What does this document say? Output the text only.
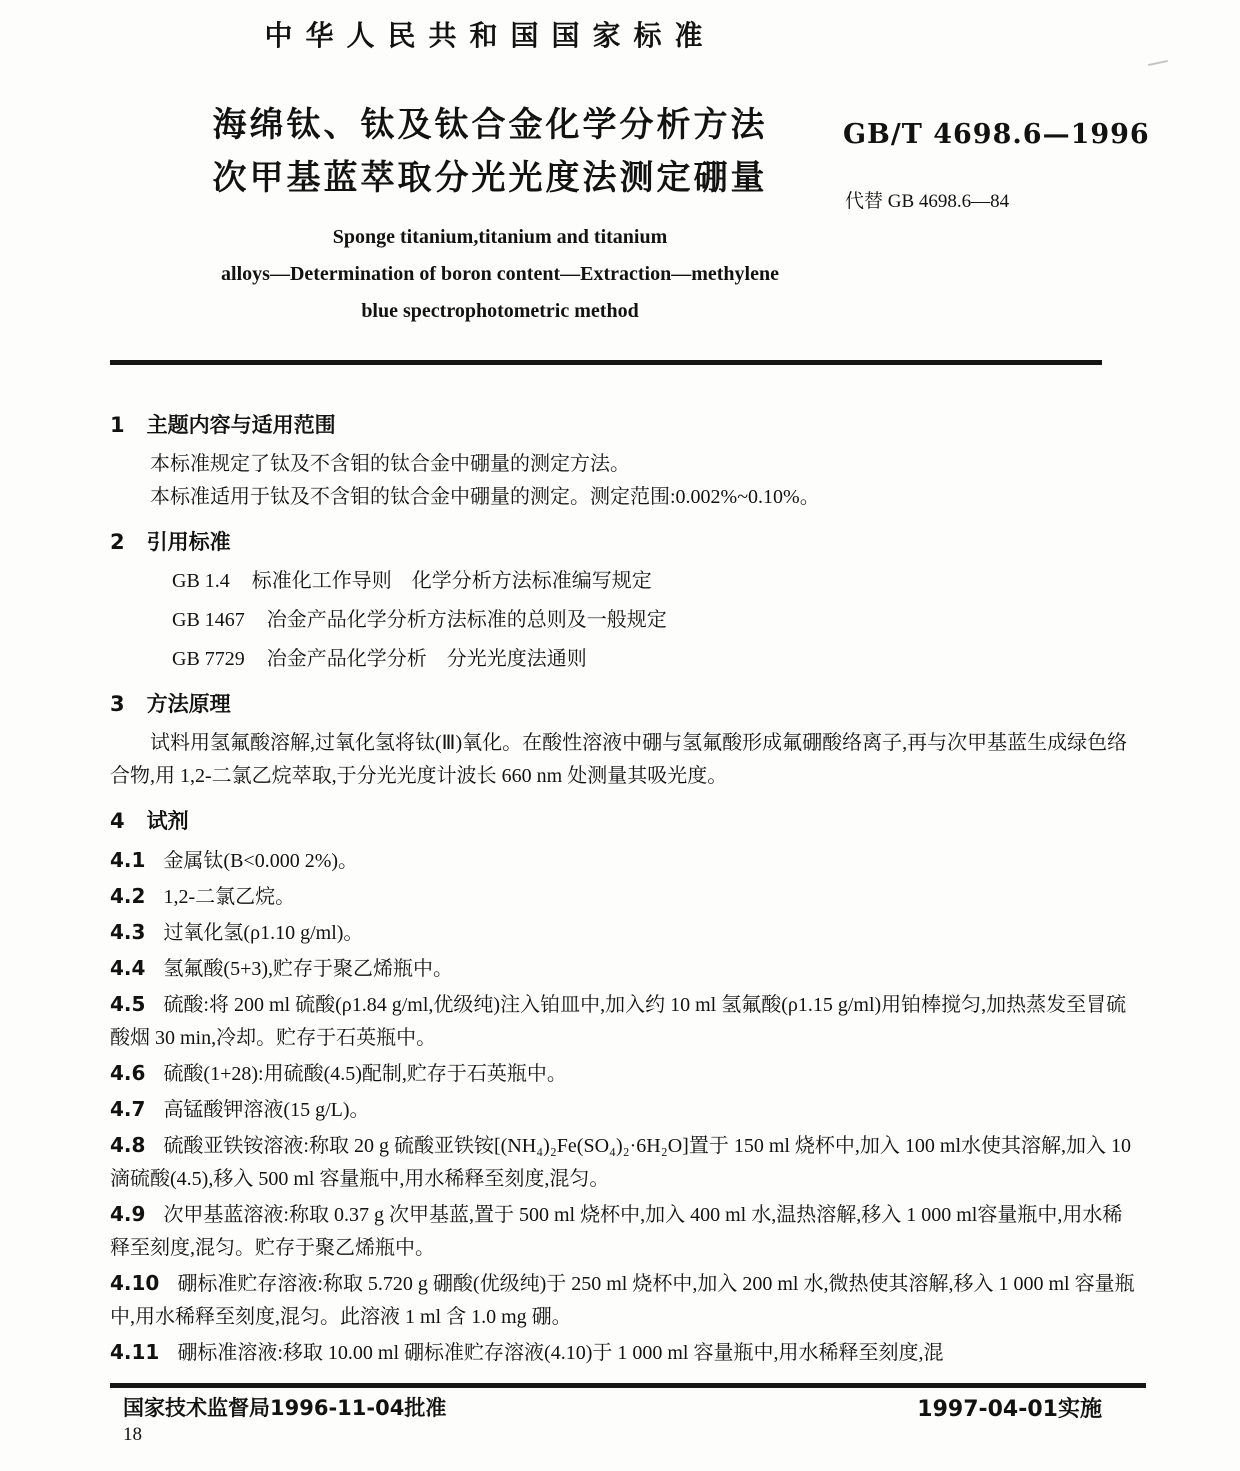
中华人民共和国国家标准
海绵钛、钛及钛合金化学分析方法
次甲基蓝萃取分光光度法测定硼量
GB/T 4698.6—1996
代替 GB 4698.6—84
Sponge titanium,titanium and titanium
alloys—Determination of boron content—Extraction—methylene
blue spectrophotometric method
1 主题内容与适用范围

本标准规定了钛及不含钼的钛合金中硼量的测定方法。

本标准适用于钛及不含钼的钛合金中硼量的测定。测定范围:0.002%~0.10%。

2 引用标准

GB 1.4 标准化工作导则　化学分析方法标准编写规定

GB 1467 冶金产品化学分析方法标准的总则及一般规定

GB 7729 冶金产品化学分析　分光光度法通则

3 方法原理

试料用氢氟酸溶解,过氧化氢将钛(Ⅲ)氧化。在酸性溶液中硼与氢氟酸形成氟硼酸络离子,再与次甲基蓝生成绿色络合物,用 1,2-二氯乙烷萃取,于分光光度计波长 660 nm 处测量其吸光度。

4 试剂

4.1 金属钛(B<0.000 2%)。

4.2 1,2-二氯乙烷。

4.3 过氧化氢(ρ1.10 g/ml)。

4.4 氢氟酸(5+3),贮存于聚乙烯瓶中。

4.5 硫酸:将 200 ml 硫酸(ρ1.84 g/ml,优级纯)注入铂皿中,加入约 10 ml 氢氟酸(ρ1.15 g/ml)用铂棒搅匀,加热蒸发至冒硫酸烟 30 min,冷却。贮存于石英瓶中。

4.6 硫酸(1+28):用硫酸(4.5)配制,贮存于石英瓶中。

4.7 高锰酸钾溶液(15 g/L)。

4.8 硫酸亚铁铵溶液:称取 20 g 硫酸亚铁铵[(NH₄)₂Fe(SO₄)₂·6H₂O]置于 150 ml 烧杯中,加入 100 ml水使其溶解,加入 10 滴硫酸(4.5),移入 500 ml 容量瓶中,用水稀释至刻度,混匀。

4.9 次甲基蓝溶液:称取 0.37 g 次甲基蓝,置于 500 ml 烧杯中,加入 400 ml 水,温热溶解,移入 1 000 ml容量瓶中,用水稀释至刻度,混匀。贮存于聚乙烯瓶中。

4.10 硼标准贮存溶液:称取 5.720 g 硼酸(优级纯)于 250 ml 烧杯中,加入 200 ml 水,微热使其溶解,移入 1 000 ml 容量瓶中,用水稀释至刻度,混匀。此溶液 1 ml 含 1.0 mg 硼。

4.11 硼标准溶液:移取 10.00 ml 硼标准贮存溶液(4.10)于 1 000 ml 容量瓶中,用水稀释至刻度,混

国家技术监督局1996-11-04批准	1997-04-01实施
18
